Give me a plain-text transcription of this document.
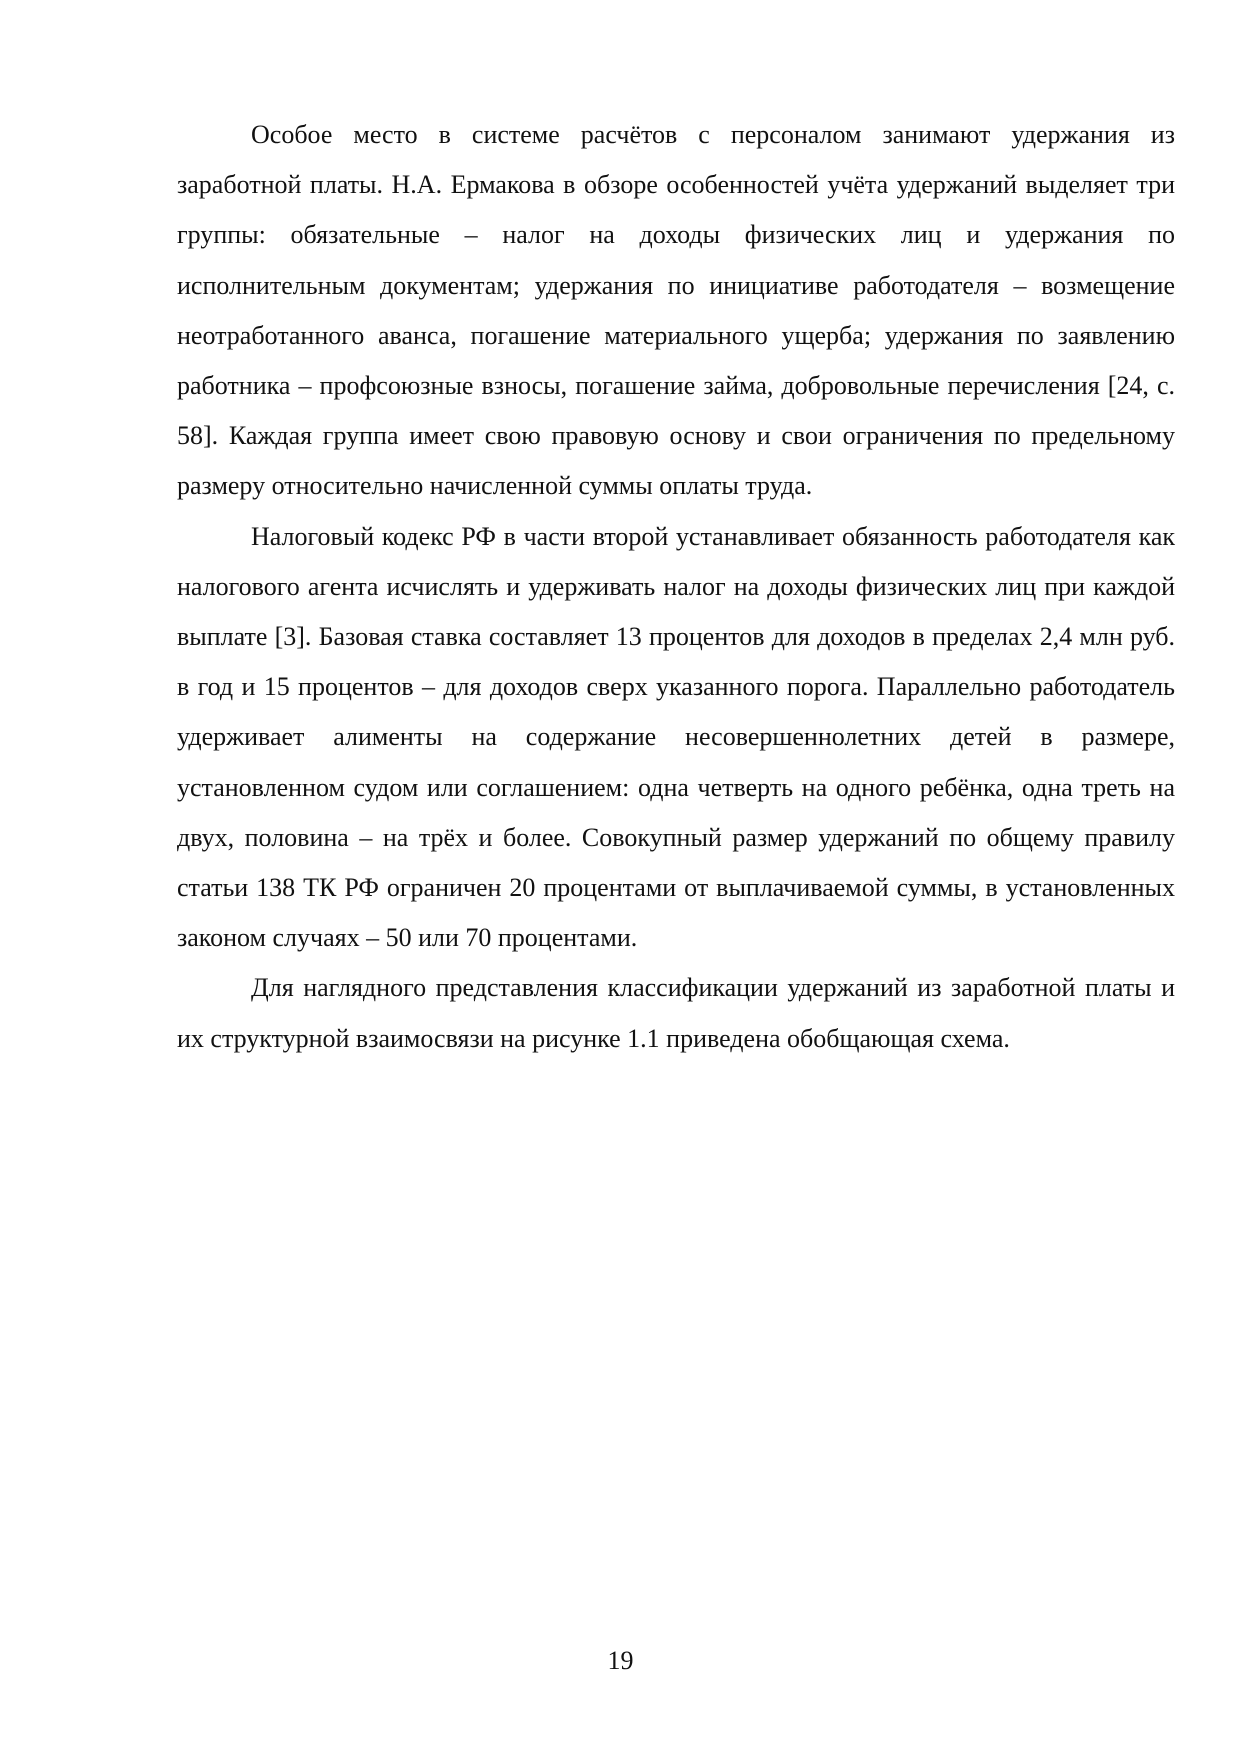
Особое место в системе расчётов с персоналом занимают удержания из заработной платы. Н.А. Ермакова в обзоре особенностей учёта удержаний выделяет три группы: обязательные – налог на доходы физических лиц и удержания по исполнительным документам; удержания по инициативе работодателя – возмещение неотработанного аванса, погашение материального ущерба; удержания по заявлению работника – профсоюзные взносы, погашение займа, добровольные перечисления [24, с. 58]. Каждая группа имеет свою правовую основу и свои ограничения по предельному размеру относительно начисленной суммы оплаты труда.

Налоговый кодекс РФ в части второй устанавливает обязанность работодателя как налогового агента исчислять и удерживать налог на доходы физических лиц при каждой выплате [3]. Базовая ставка составляет 13 процентов для доходов в пределах 2,4 млн руб. в год и 15 процентов – для доходов сверх указанного порога. Параллельно работодатель удерживает алименты на содержание несовершеннолетних детей в размере, установленном судом или соглашением: одна четверть на одного ребёнка, одна треть на двух, половина – на трёх и более. Совокупный размер удержаний по общему правилу статьи 138 ТК РФ ограничен 20 процентами от выплачиваемой суммы, в установленных законом случаях – 50 или 70 процентами.

Для наглядного представления классификации удержаний из заработной платы и их структурной взаимосвязи на рисунке 1.1 приведена обобщающая схема.

19
